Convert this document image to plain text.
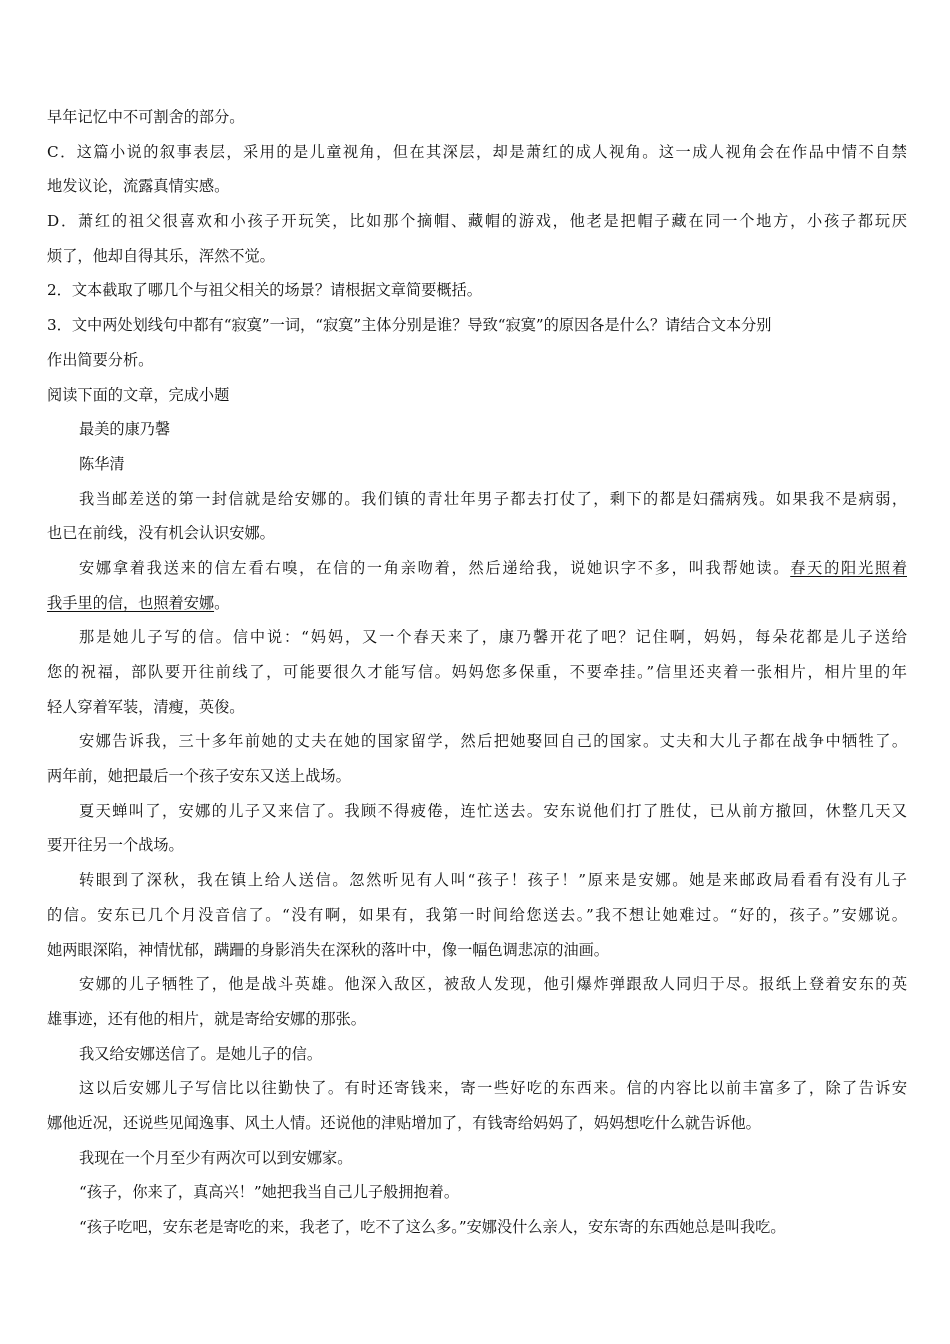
早年记忆中不可割舍的部分。
C．这篇小说的叙事表层，采用的是儿童视角，但在其深层，却是萧红的成人视角。这一成人视角会在作品中情不自禁
地发议论，流露真情实感。
D．萧红的祖父很喜欢和小孩子开玩笑，比如那个摘帽、藏帽的游戏，他老是把帽子藏在同一个地方，小孩子都玩厌
烦了，他却自得其乐，浑然不觉。
2．文本截取了哪几个与祖父相关的场景？请根据文章简要概括。
3．文中两处划线句中都有“寂寞”一词，“寂寞”主体分别是谁？导致“寂寞”的原因各是什么？请结合文本分别
作出简要分析。
阅读下面的文章，完成小题
最美的康乃馨
陈华清
我当邮差送的第一封信就是给安娜的。我们镇的青壮年男子都去打仗了，剩下的都是妇孺病残。如果我不是病弱，
也已在前线，没有机会认识安娜。
安娜拿着我送来的信左看右嗅，在信的一角亲吻着，然后递给我，说她识字不多，叫我帮她读。春天的阳光照着
我手里的信，也照着安娜。
那是她儿子写的信。信中说：“妈妈，又一个春天来了，康乃馨开花了吧？记住啊，妈妈，每朵花都是儿子送给
您的祝福，部队要开往前线了，可能要很久才能写信。妈妈您多保重，不要牵挂。”信里还夹着一张相片，相片里的年
轻人穿着军装，清瘦，英俊。
安娜告诉我，三十多年前她的丈夫在她的国家留学，然后把她娶回自己的国家。丈夫和大儿子都在战争中牺牲了。
两年前，她把最后一个孩子安东又送上战场。
夏天蝉叫了，安娜的儿子又来信了。我顾不得疲倦，连忙送去。安东说他们打了胜仗，已从前方撤回，休整几天又
要开往另一个战场。
转眼到了深秋，我在镇上给人送信。忽然听见有人叫“孩子！孩子！”原来是安娜。她是来邮政局看看有没有儿子
的信。安东已几个月没音信了。“没有啊，如果有，我第一时间给您送去。”我不想让她难过。“好的，孩子。”安娜说。
她两眼深陷，神情忧郁，蹒跚的身影消失在深秋的落叶中，像一幅色调悲凉的油画。
安娜的儿子牺牲了，他是战斗英雄。他深入敌区，被敌人发现，他引爆炸弹跟敌人同归于尽。报纸上登着安东的英
雄事迹，还有他的相片，就是寄给安娜的那张。
我又给安娜送信了。是她儿子的信。
这以后安娜儿子写信比以往勤快了。有时还寄钱来，寄一些好吃的东西来。信的内容比以前丰富多了，除了告诉安
娜他近况，还说些见闻逸事、风土人情。还说他的津贴增加了，有钱寄给妈妈了，妈妈想吃什么就告诉他。
我现在一个月至少有两次可以到安娜家。
“孩子，你来了，真高兴！”她把我当自己儿子般拥抱着。
“孩子吃吧，安东老是寄吃的来，我老了，吃不了这么多。”安娜没什么亲人，安东寄的东西她总是叫我吃。
